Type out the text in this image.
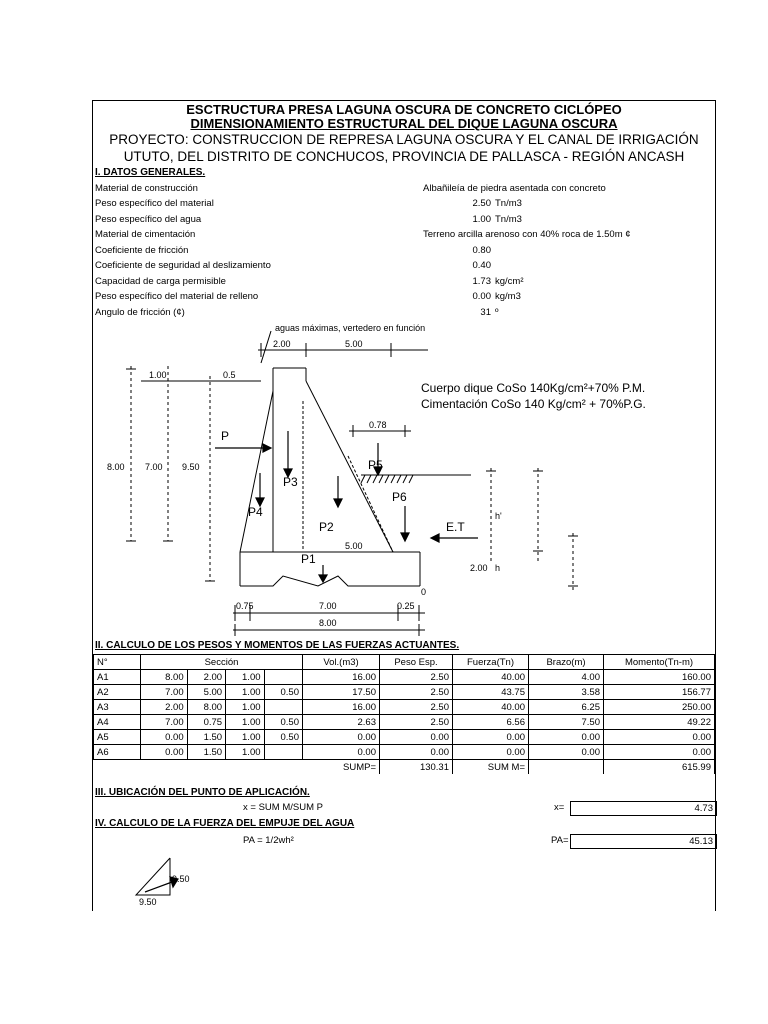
ESCTRUCTURA PRESA LAGUNA OSCURA DE CONCRETO CICLÓPEO
DIMENSIONAMIENTO ESTRUCTURAL DEL DIQUE LAGUNA OSCURA
PROYECTO: CONSTRUCCION DE REPRESA LAGUNA OSCURA Y EL CANAL DE IRRIGACIÓN
UTUTO, DEL DISTRITO DE CONCHUCOS, PROVINCIA DE PALLASCA - REGIÓN ANCASH
I. DATOS GENERALES.
Material de construcción	Albañileía de piedra asentada con concreto
Peso específico del material	2.50 Tn/m3
Peso específico del agua	1.00 Tn/m3
Material de cimentación	Terreno arcilla arenoso con 40% roca de 1.50m ¢
Coeficiente de fricción	0.80
Coeficiente de seguridad al deslizamiento	0.40
Capacidad de carga permisible	1.73 kg/cm²
Peso específico del material de relleno	0.00 kg/m3
Angulo de fricción (¢)	31 º
aguas máximas, vertedero en función
2.00	5.00
1.00	0.5
0.78
8.00 7.00 9.50
5.00
h'
2.00 h
0
0.75	7.00	0.25
8.00
Cuerpo dique CoSo 140Kg/cm²+70% P.M.
Cimentación CoSo 140 Kg/cm² + 70%P.G.
P
P3
P4
P5
P6
P2
P1
E.T
9.50
9.50
II. CALCULO DE LOS PESOS Y MOMENTOS DE LAS FUERZAS ACTUANTES.
N°	Sección				Vol.(m3)	Peso Esp.	Fuerza(Tn)	Brazo(m)	Momento(Tn-m)
A1	8.00	2.00	1.00		16.00	2.50	40.00	4.00	160.00
A2	7.00	5.00	1.00	0.50	17.50	2.50	43.75	3.58	156.77
A3	2.00	8.00	1.00		16.00	2.50	40.00	6.25	250.00
A4	7.00	0.75	1.00	0.50	2.63	2.50	6.56	7.50	49.22
A5	0.00	1.50	1.00	0.50	0.00	0.00	0.00	0.00	0.00
A6	0.00	1.50	1.00		0.00	0.00	0.00	0.00	0.00
					SUMP=	130.31	SUM M=		615.99
III. UBICACIÓN DEL PUNTO DE APLICACIÓN.
x = SUM M/SUM P	x=	4.73
IV. CALCULO DE LA FUERZA DEL EMPUJE DEL AGUA
PA = 1/2wh²	PA=	45.13
